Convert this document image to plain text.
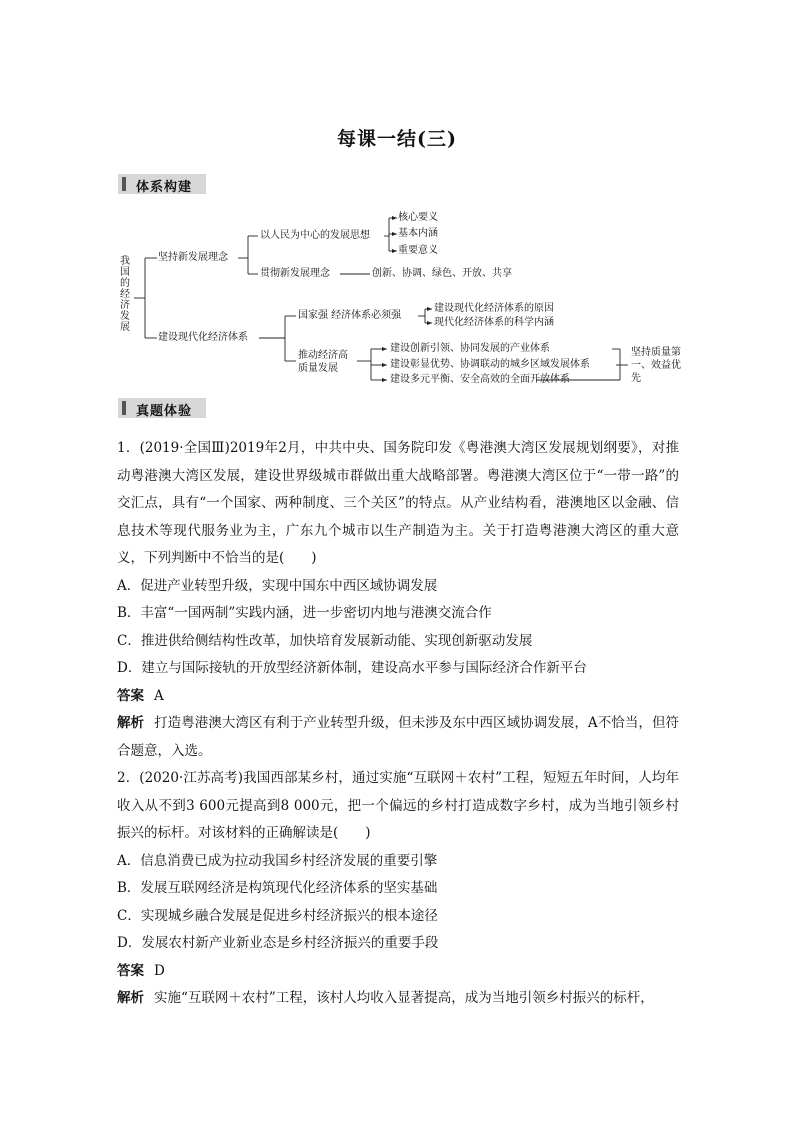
每课一结(三)
体系构建
我国的经济发展
坚持新发展理念
以人民为中心的发展思想
核心要义
基本内涵
重要意义
贯彻新发展理念	创新、协调、绿色、开放、共享
建设现代化经济体系
国家强 经济体系必须强
建设现代化经济体系的原因
现代化经济体系的科学内涵
推动经济高质量发展
建设创新引领、协同发展的产业体系
建设彰显优势、协调联动的城乡区域发展体系
建设多元平衡、安全高效的全面开放体系
坚持质量第一、效益优先
真题体验

1．(2019·全国Ⅲ)2019年2月，中共中央、国务院印发《粤港澳大湾区发展规划纲要》，对推动粤港澳大湾区发展，建设世界级城市群做出重大战略部署。粤港澳大湾区位于“一带一路”的交汇点，具有“一个国家、两种制度、三个关区”的特点。从产业结构看，港澳地区以金融、信息技术等现代服务业为主，广东九个城市以生产制造为主。关于打造粤港澳大湾区的重大意义，下列判断中不恰当的是(　　)

A．促进产业转型升级，实现中国东中西区域协调发展

B．丰富“一国两制”实践内涵，进一步密切内地与港澳交流合作

C．推进供给侧结构性改革，加快培育发展新动能、实现创新驱动发展

D．建立与国际接轨的开放型经济新体制，建设高水平参与国际经济合作新平台

答案 A

解析 打造粤港澳大湾区有利于产业转型升级，但未涉及东中西区域协调发展，A不恰当，但符合题意，入选。

2．(2020·江苏高考)我国西部某乡村，通过实施“互联网＋农村”工程，短短五年时间，人均年收入从不到3 600元提高到8 000元，把一个偏远的乡村打造成数字乡村，成为当地引领乡村振兴的标杆。对该材料的正确解读是(　　)

A．信息消费已成为拉动我国乡村经济发展的重要引擎

B．发展互联网经济是构筑现代化经济体系的坚实基础

C．实现城乡融合发展是促进乡村经济振兴的根本途径

D．发展农村新产业新业态是乡村经济振兴的重要手段

答案 D

解析 实施“互联网＋农村”工程，该村人均收入显著提高，成为当地引领乡村振兴的标杆，
